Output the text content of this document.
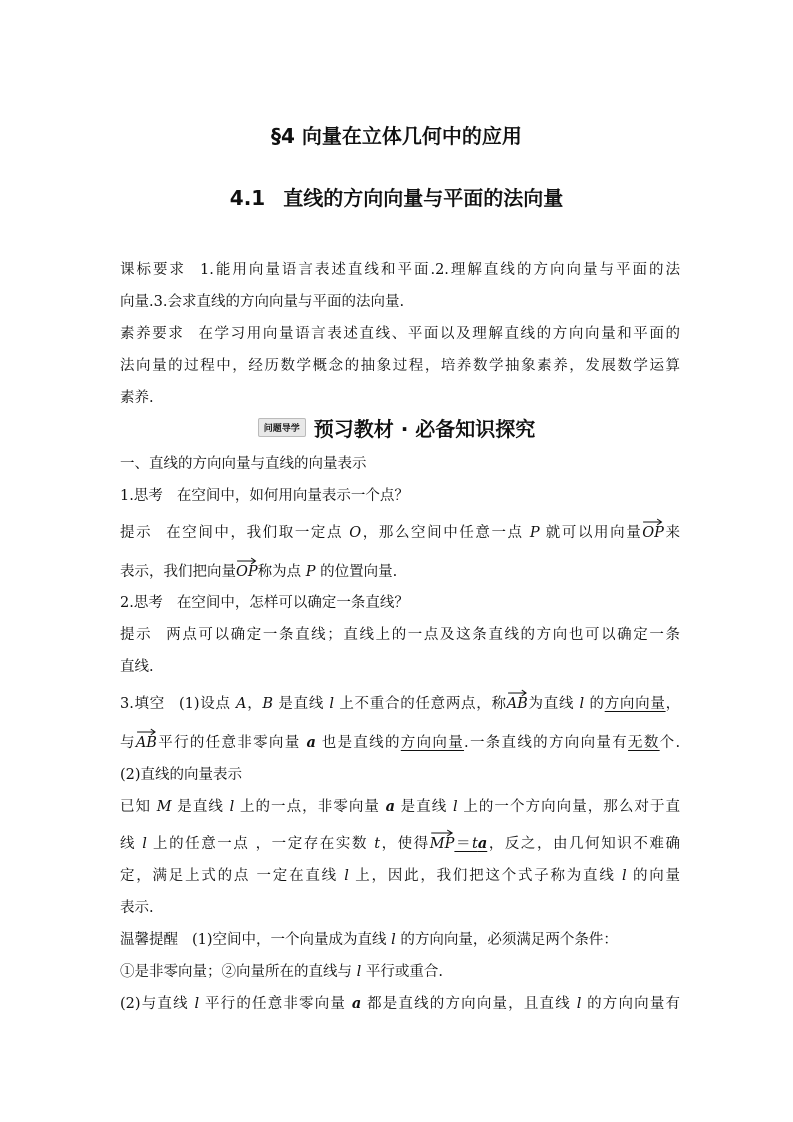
§4 向量在立体几何中的应用
4.1 直线的方向向量与平面的法向量
课标要求 1.能用向量语言表述直线和平面.2.理解直线的方向向量与平面的法
向量.3.会求直线的方向向量与平面的法向量.
素养要求 在学习用向量语言表述直线、平面以及理解直线的方向向量和平面的
法向量的过程中，经历数学概念的抽象过程，培养数学抽象素养，发展数学运算
素养.
问题导学 预习教材 · 必备知识探究
一、直线的方向向量与直线的向量表示
1.思考 在空间中，如何用向量表示一个点？
提示 在空间中，我们取一定点 O，那么空间中任意一点 P 就可以用向量
OP来
表示，我们把向量
OP称为点 P 的位置向量.
2.思考 在空间中，怎样可以确定一条直线？
提示 两点可以确定一条直线；直线上的一点及这条直线的方向也可以确定一条
直线.
3.填空 (1)设点 A，B 是直线 l 上不重合的任意两点，称
AB为直线 l 的方向向量，
与
AB平行的任意非零向量 a 也是直线的方向向量.一条直线的方向向量有无数个.
(2)直线的向量表示
已知 M 是直线 l 上的一点，非零向量 a 是直线 l 上的一个方向向量，那么对于直
线 l 上的任意一点 ，一定存在实数 t，使得
MP＝ta，反之，由几何知识不难确
定，满足上式的点 一定在直线 l 上，因此，我们把这个式子称为直线 l 的向量
表示.
温馨提醒 (1)空间中，一个向量成为直线 l 的方向向量，必须满足两个条件：
①是非零向量；②向量所在的直线与 l 平行或重合.
(2)与直线 l 平行的任意非零向量 a 都是直线的方向向量，且直线 l 的方向向量有
